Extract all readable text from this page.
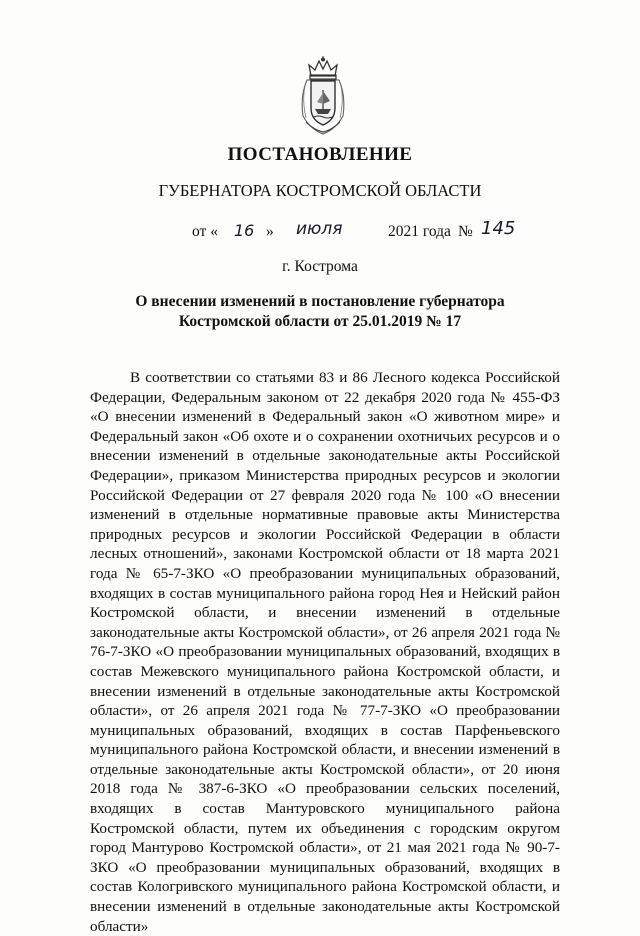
ПОСТАНОВЛЕНИЕ
ГУБЕРНАТОРА КОСТРОМСКОЙ ОБЛАСТИ
от « 16 » июля	2021 года № 145
г. Кострома
О внесении изменений в постановление губернатора
Костромской области от 25.01.2019 № 17
В соответствии со статьями 83 и 86 Лесного кодекса Российской Федерации, Федеральным законом от 22 декабря 2020 года № 455-ФЗ «О внесении изменений в Федеральный закон «О животном мире» и Федеральный закон «Об охоте и о сохранении охотничьих ресурсов и о внесении изменений в отдельные законодательные акты Российской Федерации», приказом Министерства природных ресурсов и экологии Российской Федерации от 27 февраля 2020 года № 100 «О внесении изменений в отдельные нормативные правовые акты Министерства природных ресурсов и экологии Российской Федерации в области лесных отношений», законами Костромской области от 18 марта 2021 года № 65-7-ЗКО «О преобразовании муниципальных образований, входящих в состав муниципального района город Нея и Нейский район Костромской области, и внесении изменений в отдельные законодательные акты Костромской области», от 26 апреля 2021 года № 76-7-ЗКО «О преобразовании муниципальных образований, входящих в состав Межевского муниципального района Костромской области, и внесении изменений в отдельные законодательные акты Костромской области», от 26 апреля 2021 года № 77-7-ЗКО «О преобразовании муниципальных образований, входящих в состав Парфеньевского муниципального района Костромской области, и внесении изменений в отдельные законодательные акты Костромской области», от 20 июня 2018 года № 387-6-ЗКО «О преобразовании сельских поселений, входящих в состав Мантуровского муниципального района Костромской области, путем их объединения с городским округом город Мантурово Костромской области», от 21 мая 2021 года № 90-7-ЗКО «О преобразовании муниципальных образований, входящих в состав Кологривского муниципального района Костромской области, и внесении изменений в отдельные законодательные акты Костромской области»
